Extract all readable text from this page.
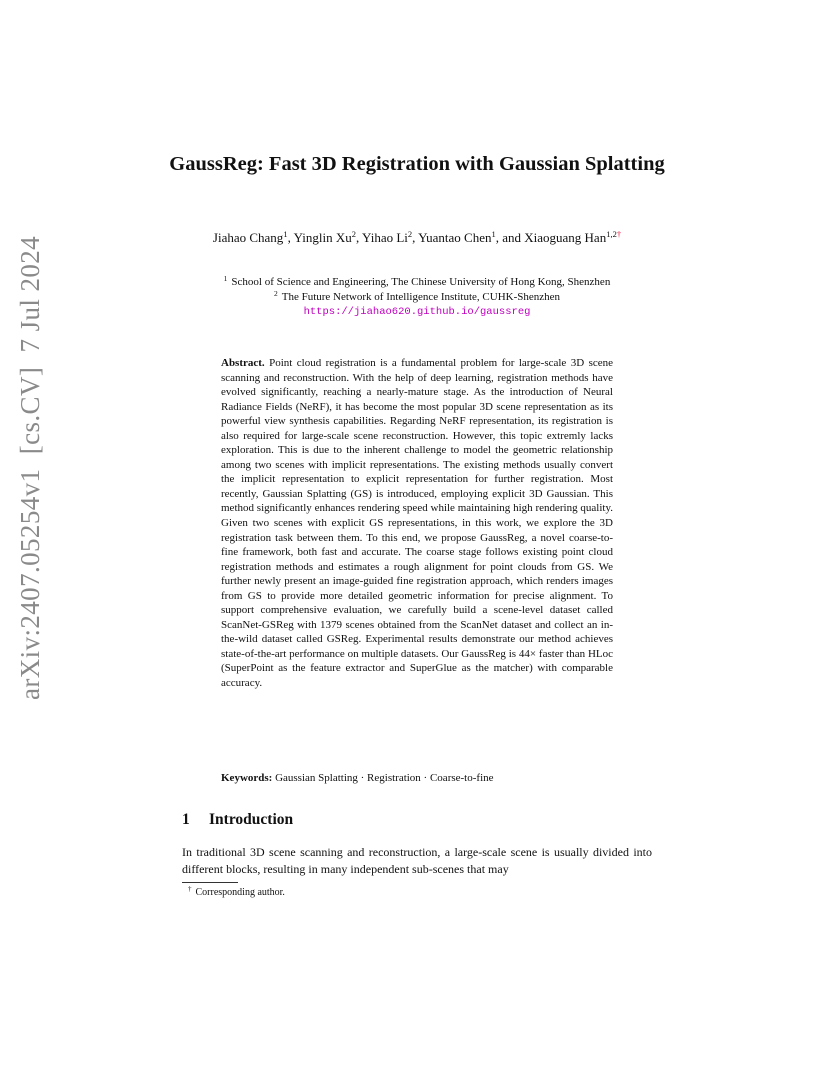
arXiv:2407.05254v1  [cs.CV]  7 Jul 2024
GaussReg: Fast 3D Registration with Gaussian Splatting
Jiahao Chang$^1$, Yinglin Xu$^2$, Yihao Li$^2$, Yuantao Chen$^1$, and Xiaoguang Han$^{1,2\dagger}$
$^1$ School of Science and Engineering, The Chinese University of Hong Kong, Shenzhen
$^2$ The Future Network of Intelligence Institute, CUHK-Shenzhen
https://jiahao620.github.io/gaussreg
Abstract. Point cloud registration is a fundamental problem for large-scale 3D scene scanning and reconstruction. With the help of deep learning, registration methods have evolved significantly, reaching a nearly-mature stage. As the introduction of Neural Radiance Fields (NeRF), it has become the most popular 3D scene representation as its powerful view synthesis capabilities. Regarding NeRF representation, its registration is also required for large-scale scene reconstruction. However, this topic extremly lacks exploration. This is due to the inherent challenge to model the geometric relationship among two scenes with implicit representations. The existing methods usually convert the implicit representation to explicit representation for further registration. Most recently, Gaussian Splatting (GS) is introduced, employing explicit 3D Gaussian. This method significantly enhances rendering speed while maintaining high rendering quality. Given two scenes with explicit GS representations, in this work, we explore the 3D registration task between them. To this end, we propose GaussReg, a novel coarse-to-fine framework, both fast and accurate. The coarse stage follows existing point cloud registration methods and estimates a rough alignment for point clouds from GS. We further newly present an image-guided fine registration approach, which renders images from GS to provide more detailed geometric information for precise alignment. To support comprehensive evaluation, we carefully build a scene-level dataset called ScanNet-GSReg with 1379 scenes obtained from the ScanNet dataset and collect an in-the-wild dataset called GSReg. Experimental results demonstrate our method achieves state-of-the-art performance on multiple datasets. Our GaussReg is 44× faster than HLoc (SuperPoint as the feature extractor and SuperGlue as the matcher) with comparable accuracy.
Keywords: Gaussian Splatting · Registration · Coarse-to-fine
1 Introduction
In traditional 3D scene scanning and reconstruction, a large-scale scene is usually divided into different blocks, resulting in many independent sub-scenes that may
† Corresponding author.
